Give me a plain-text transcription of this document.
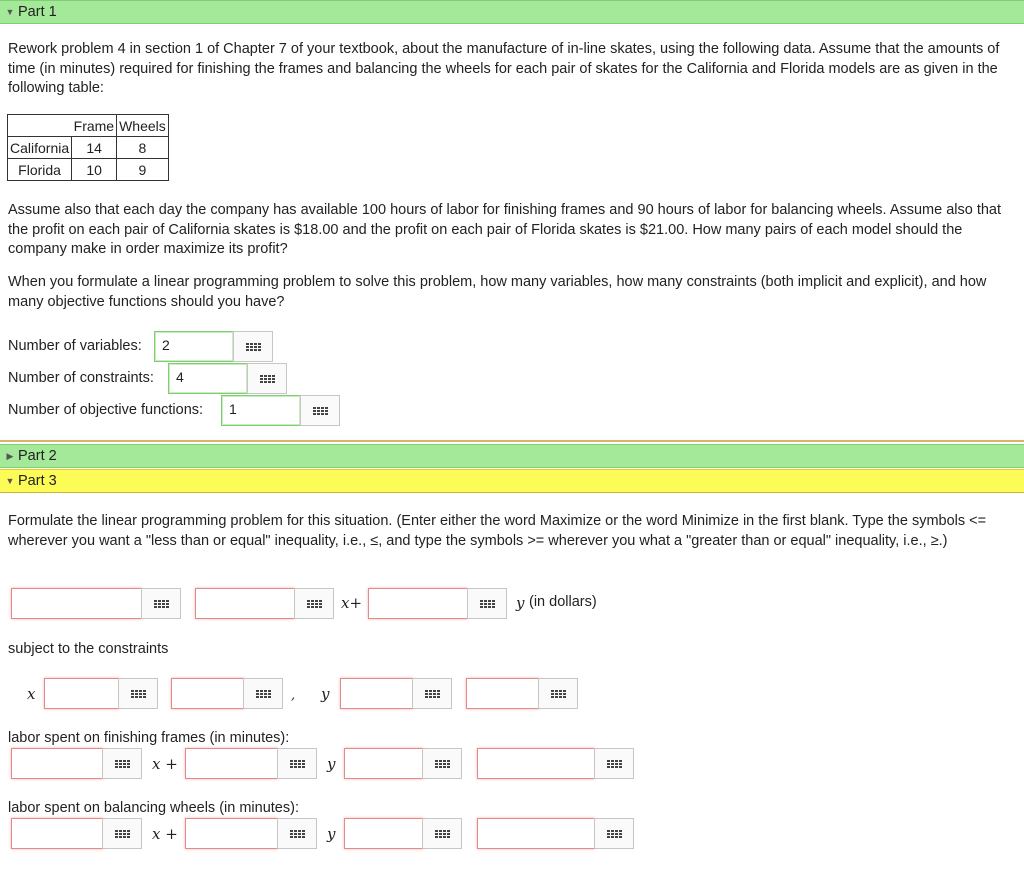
▼ Part 1
Rework problem 4 in section 1 of Chapter 7 of your textbook, about the manufacture of in-line skates, using the following data. Assume that the amounts of time (in minutes) required for finishing the frames and balancing the wheels for each pair of skates for the California and Florida models are as given in the following table:
	Frame	Wheels
California	14	8
Florida	10	9
Assume also that each day the company has available 100 hours of labor for finishing frames and 90 hours of labor for balancing wheels. Assume also that the profit on each pair of California skates is $18.00 and the profit on each pair of Florida skates is $21.00. How many pairs of each model should the company make in order maximize its profit?
When you formulate a linear programming problem to solve this problem, how many variables, how many constraints (both implicit and explicit), and how many objective functions should you have?
Number of variables:	2
Number of constraints:	4
Number of objective functions:	1
▶ Part 2
▼ Part 3
Formulate the linear programming problem for this situation. (Enter either the word Maximize or the word Minimize in the first blank. Type the symbols <= wherever you want a "less than or equal" inequality, i.e., ≤, and type the symbols >= wherever you what a "greater than or equal" inequality, i.e., ≥.)
x+	y (in dollars)
subject to the constraints
x	, y
labor spent on finishing frames (in minutes):
x +	y
labor spent on balancing wheels (in minutes):
x +	y
